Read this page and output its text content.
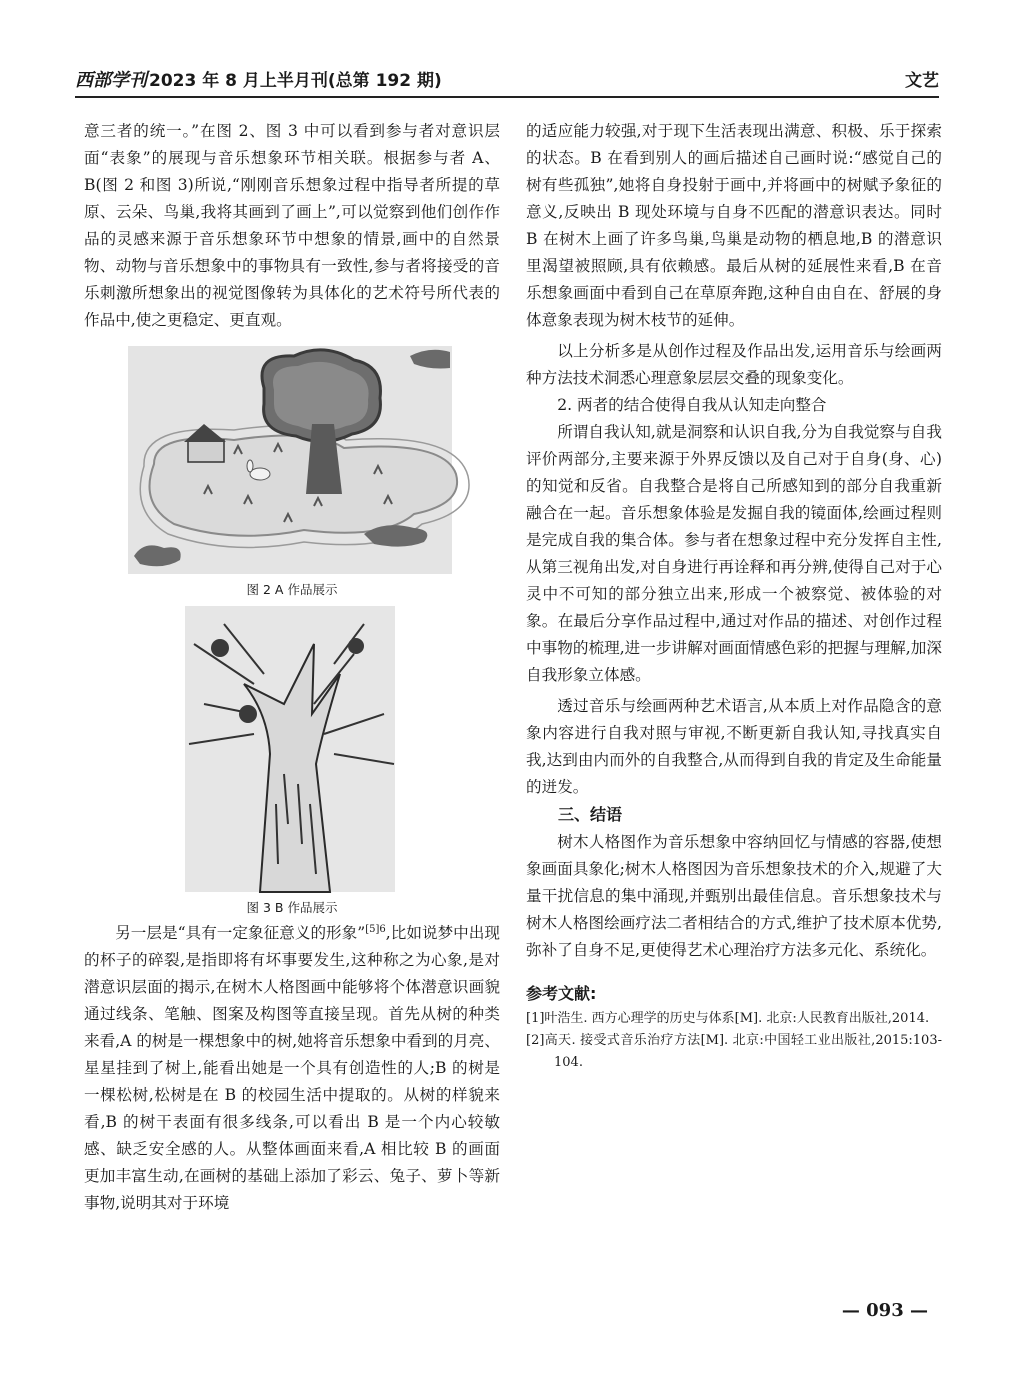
西部学刊 2023 年 8 月上半月刊(总第 192 期)	文艺

意三者的统一。”在图 2、图 3 中可以看到参与者对意识层面“表象”的展现与音乐想象环节相关联。根据参与者 A、B(图 2 和图 3)所说,“刚刚音乐想象过程中指导者所提的草原、云朵、鸟巢,我将其画到了画上”,可以觉察到他们创作作品的灵感来源于音乐想象环节中想象的情景,画中的自然景物、动物与音乐想象中的事物具有一致性,参与者将接受的音乐刺激所想象出的视觉图像转为具体化的艺术符号所代表的作品中,使之更稳定、更直观。

图 2 A 作品展示
图 3 B 作品展示

另一层是“具有一定象征意义的形象”$^{[5]6}$,比如说梦中出现的杯子的碎裂,是指即将有坏事要发生,这种称之为心象,是对潜意识层面的揭示,在树木人格图画中能够将个体潜意识画貌通过线条、笔触、图案及构图等直接呈现。首先从树的种类来看,A 的树是一棵想象中的树,她将音乐想象中看到的月亮、星星挂到了树上,能看出她是一个具有创造性的人;B 的树是一棵松树,松树是在 B 的校园生活中提取的。从树的样貌来看,B 的树干表面有很多线条,可以看出 B 是一个内心较敏感、缺乏安全感的人。从整体画面来看,A 相比较 B 的画面更加丰富生动,在画树的基础上添加了彩云、兔子、萝卜等新事物,说明其对于环境

的适应能力较强,对于现下生活表现出满意、积极、乐于探索的状态。B 在看到别人的画后描述自己画时说:“感觉自己的树有些孤独”,她将自身投射于画中,并将画中的树赋予象征的意义,反映出 B 现处环境与自身不匹配的潜意识表达。同时 B 在树木上画了许多鸟巢,鸟巢是动物的栖息地,B 的潜意识里渴望被照顾,具有依赖感。最后从树的延展性来看,B 在音乐想象画面中看到自己在草原奔跑,这种自由自在、舒展的身体意象表现为树木枝节的延伸。

以上分析多是从创作过程及作品出发,运用音乐与绘画两种方法技术洞悉心理意象层层交叠的现象变化。

2. 两者的结合使得自我从认知走向整合

所谓自我认知,就是洞察和认识自我,分为自我觉察与自我评价两部分,主要来源于外界反馈以及自己对于自身(身、心)的知觉和反省。自我整合是将自己所感知到的部分自我重新融合在一起。音乐想象体验是发掘自我的镜面体,绘画过程则是完成自我的集合体。参与者在想象过程中充分发挥自主性,从第三视角出发,对自身进行再诠释和再分辨,使得自己对于心灵中不可知的部分独立出来,形成一个被察觉、被体验的对象。在最后分享作品过程中,通过对作品的描述、对创作过程中事物的梳理,进一步讲解对画面情感色彩的把握与理解,加深自我形象立体感。

透过音乐与绘画两种艺术语言,从本质上对作品隐含的意象内容进行自我对照与审视,不断更新自我认知,寻找真实自我,达到由内而外的自我整合,从而得到自我的肯定及生命能量的迸发。

三、结语

树木人格图作为音乐想象中容纳回忆与情感的容器,使想象画面具象化;树木人格图因为音乐想象技术的介入,规避了大量干扰信息的集中涌现,并甄别出最佳信息。音乐想象技术与树木人格图绘画疗法二者相结合的方式,维护了技术原本优势,弥补了自身不足,更使得艺术心理治疗方法多元化、系统化。

参考文献:
[1]叶浩生. 西方心理学的历史与体系[M]. 北京:人民教育出版社,2014.
[2]高天. 接受式音乐治疗方法[M]. 北京:中国轻工业出版社,2015:103-104.
— 093 —
